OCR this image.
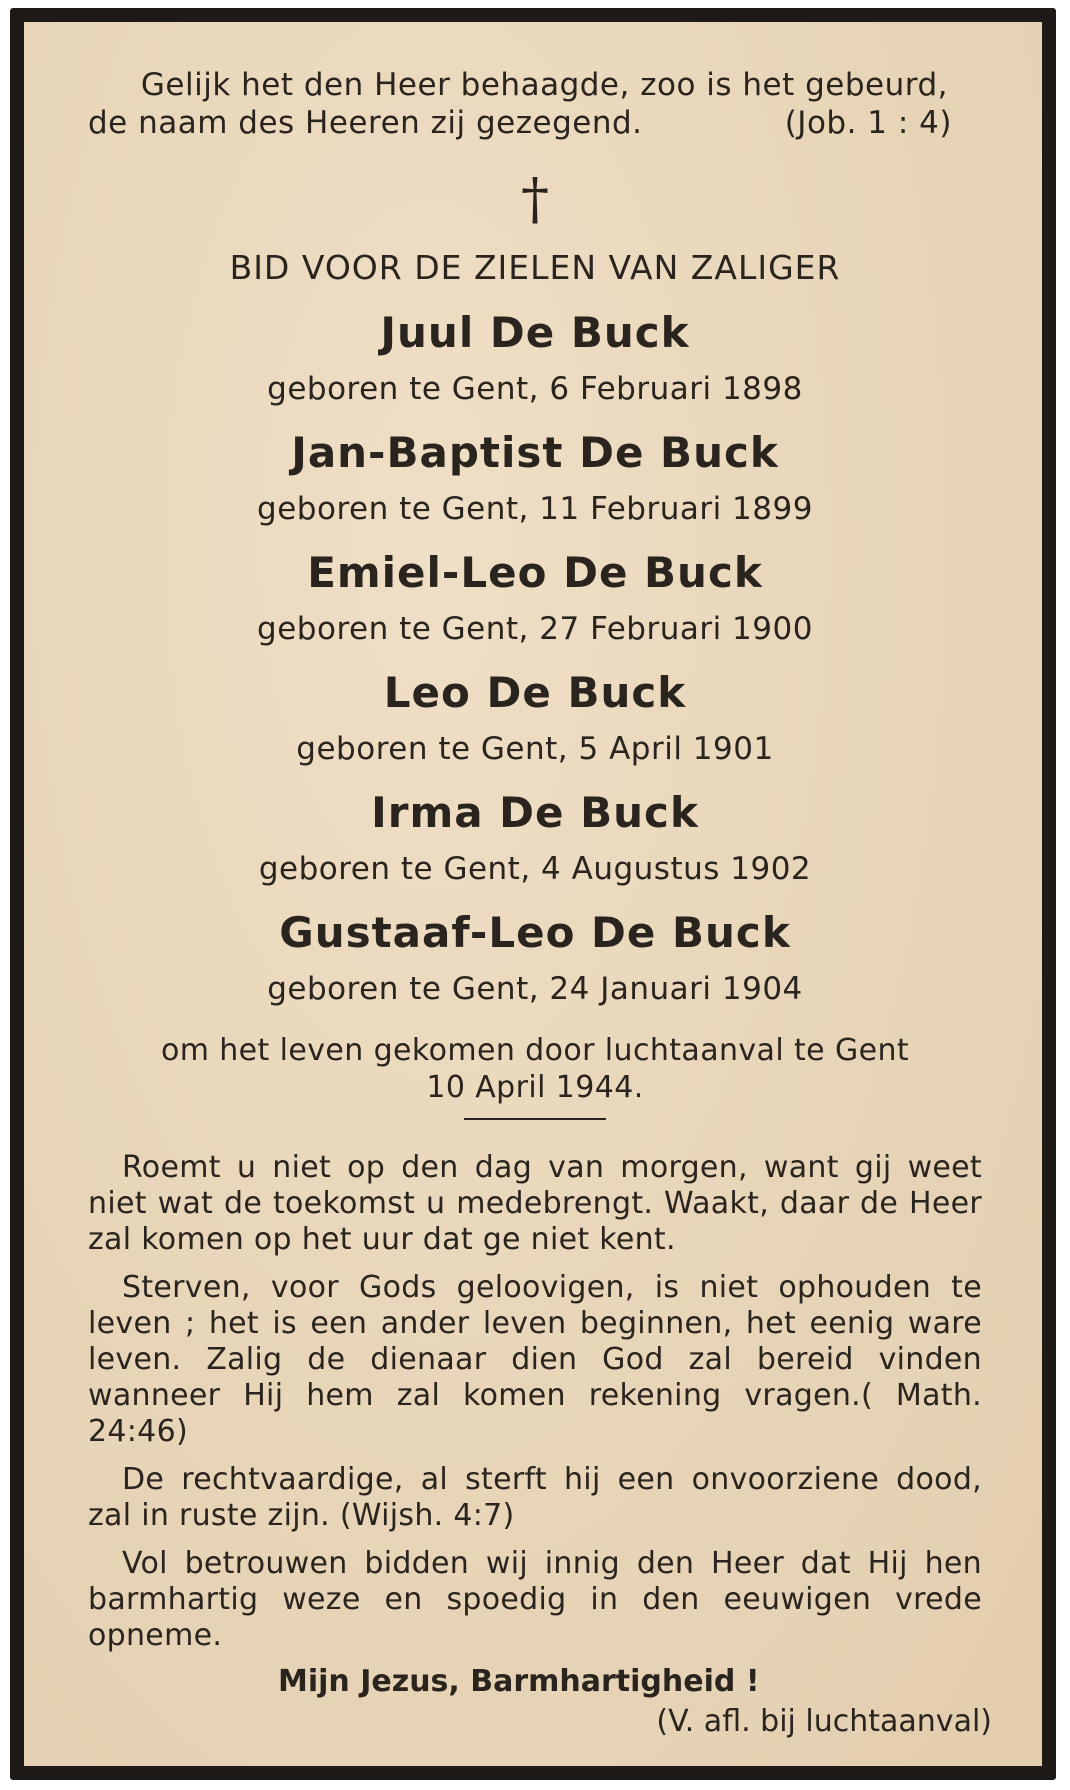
Gelijk het den Heer behaagde, zoo is het gebeurd,
de naam des Heeren zij gezegend.	(Job. 1 : 4)
†
BID VOOR DE ZIELEN VAN ZALIGER
Juul De Buck
geboren te Gent, 6 Februari 1898
Jan-Baptist De Buck
geboren te Gent, 11 Februari 1899
Emiel-Leo De Buck
geboren te Gent, 27 Februari 1900
Leo De Buck
geboren te Gent, 5 April 1901
Irma De Buck
geboren te Gent, 4 Augustus 1902
Gustaaf-Leo De Buck
geboren te Gent, 24 Januari 1904
om het leven gekomen door luchtaanval te Gent
10 April 1944.
Roemt u niet op den dag van morgen, want gij weet niet wat de toekomst u medebrengt. Waakt, daar de Heer zal komen op het uur dat ge niet kent.
Sterven, voor Gods geloovigen, is niet ophouden te leven ; het is een ander leven beginnen, het eenig ware leven. Zalig de dienaar dien God zal bereid vinden wanneer Hij hem zal komen rekening vragen.( Math. 24:46)
De rechtvaardige, al sterft hij een onvoorziene dood, zal in ruste zijn. (Wijsh. 4:7)
Vol betrouwen bidden wij innig den Heer dat Hij hen barmhartig weze en spoedig in den eeuwigen vrede opneme.
Mijn Jezus, Barmhartigheid !
(V. afl. bij luchtaanval)
